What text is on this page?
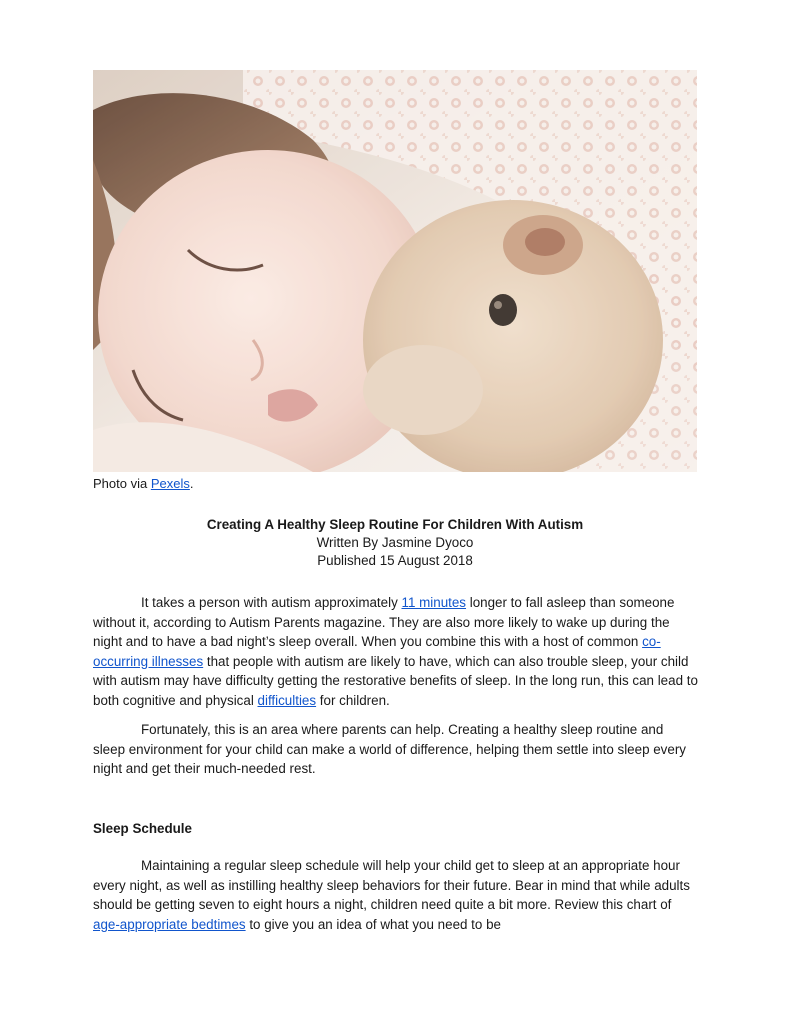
Photo via Pexels.
Creating A Healthy Sleep Routine For Children With Autism
Written By Jasmine Dyoco
Published 15 August 2018

It takes a person with autism approximately 11 minutes longer to fall asleep than someone without it, according to Autism Parents magazine. They are also more likely to wake up during the night and to have a bad night’s sleep overall. When you combine this with a host of common co-occurring illnesses that people with autism are likely to have, which can also trouble sleep, your child with autism may have difficulty getting the restorative benefits of sleep. In the long run, this can lead to both cognitive and physical difficulties for children.

Fortunately, this is an area where parents can help. Creating a healthy sleep routine and sleep environment for your child can make a world of difference, helping them settle into sleep every night and get their much-needed rest.

Sleep Schedule

Maintaining a regular sleep schedule will help your child get to sleep at an appropriate hour every night, as well as instilling healthy sleep behaviors for their future. Bear in mind that while adults should be getting seven to eight hours a night, children need quite a bit more. Review this chart of age-appropriate bedtimes to give you an idea of what you need to be
